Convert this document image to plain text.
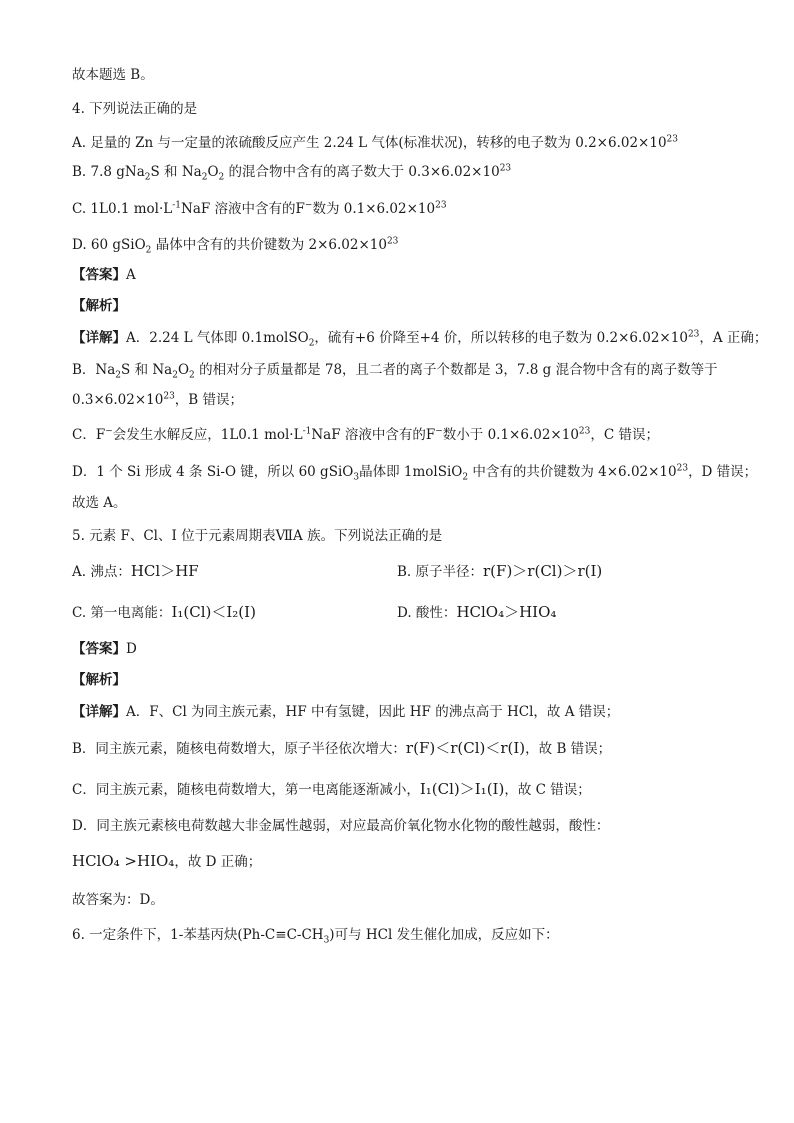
故本题选 B。
4. 下列说法正确的是
A. 足量的 Zn 与一定量的浓硫酸反应产生 2.24 L 气体(标准状况)，转移的电子数为 $0.2\times 6.02\times 10^{23}$
B. 7.8 gNa$_2$S 和 $Na_2O_2$ 的混合物中含有的离子数大于 $0.3\times 6.02\times 10^{23}$
C. 1L0.1 $mol\cdot L^{-1}NaF$ 溶液中含有的F−数为 $0.1\times 6.02\times 10^{23}$
D. 60 gSiO$_2$ 晶体中含有的共价键数为 $2\times 6.02\times 10^{23}$
【答案】A
【解析】
【详解】A．2.24 L 气体即 0.1molSO$_2$，硫有+6 价降至+4 价，所以转移的电子数为 $0.2\times 6.02\times 10^{23}$，A 正确；
B．$Na_2S$ 和 $Na_2O_2$ 的相对分子质量都是 78，且二者的离子个数都是 3，7.8 g 混合物中含有的离子数等于
$0.3\times 6.02\times 10^{23}$，B 错误；
C．F−会发生水解反应，1L0.1 $mol\cdot L^{-1}NaF$ 溶液中含有的F−数小于 $0.1\times 6.02\times 10^{23}$，C 错误；
D．1 个 Si 形成 4 条 Si-O 键，所以 60 gSiO$_3$晶体即 1molSiO$_2$ 中含有的共价键数为 $4\times 6.02\times 10^{23}$，D 错误；
故选 A。
5. 元素 F、Cl、I 位于元素周期表ⅦA 族。下列说法正确的是
A. 沸点：HCl＞HF	B. 原子半径：r(F)＞r(Cl)＞r(I)
C. 第一电离能：I₁(Cl)＜I₂(I)	D. 酸性：HClO₄＞HIO₄
【答案】D
【解析】
【详解】A．F、Cl 为同主族元素，HF 中有氢键，因此 HF 的沸点高于 HCl，故 A 错误；
B．同主族元素，随核电荷数增大，原子半径依次增大：r(F)＜r(Cl)＜r(I)，故 B 错误；
C．同主族元素，随核电荷数增大，第一电离能逐渐减小，I₁(Cl)＞I₁(I)，故 C 错误；
D．同主族元素核电荷数越大非金属性越弱，对应最高价氧化物水化物的酸性越弱，酸性：
HClO₄ >HIO₄，故 D 正确；
故答案为：D。
6. 一定条件下，1-苯基丙炔$(Ph-C\equiv C-CH_3)$可与 HCl 发生催化加成，反应如下：
